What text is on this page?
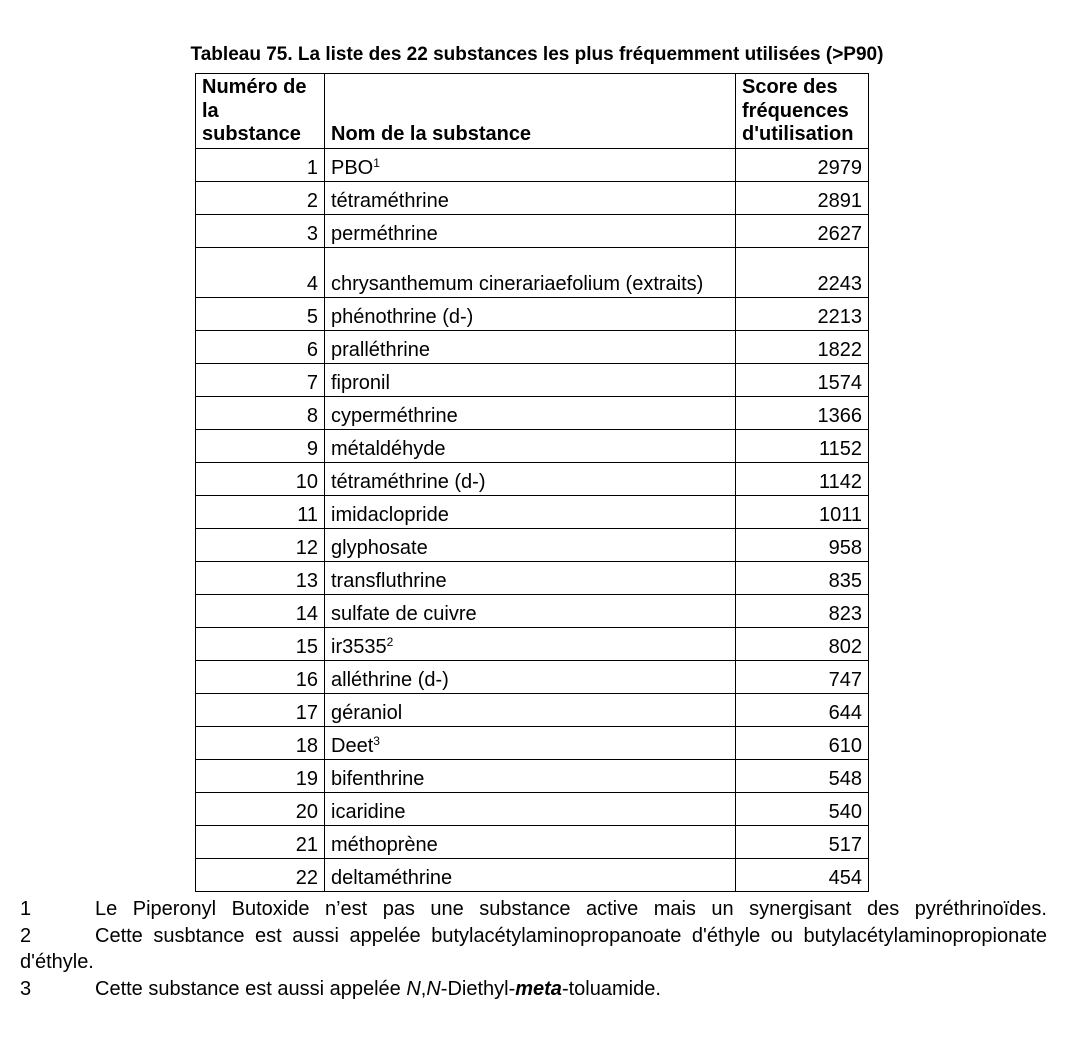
Tableau 75. La liste des 22 substances les plus fréquemment utilisées (>P90)
Numéro de la substance	Nom de la substance	Score des fréquences d'utilisation
1	PBO$^1$	2979
2	tétraméthrine	2891
3	perméthrine	2627
4	chrysanthemum cinerariaefolium (extraits)	2243
5	phénothrine (d-)	2213
6	pralléthrine	1822
7	fipronil	1574
8	cyperméthrine	1366
9	métaldéhyde	1152
10	tétraméthrine (d-)	1142
11	imidaclopride	1011
12	glyphosate	958
13	transfluthrine	835
14	sulfate de cuivre	823
15	ir3535$^2$	802
16	alléthrine (d-)	747
17	géraniol	644
18	Deet$^3$	610
19	bifenthrine	548
20	icaridine	540
21	méthoprène	517
22	deltaméthrine	454
1	Le Piperonyl Butoxide n’est pas une substance active mais un synergisant des pyréthrinoïdes.
2	Cette susbtance est aussi appelée butylacétylaminopropanoate d'éthyle ou butylacétylaminopropionate d'éthyle.
3	Cette substance est aussi appelée N,N-Diethyl-meta-toluamide.
